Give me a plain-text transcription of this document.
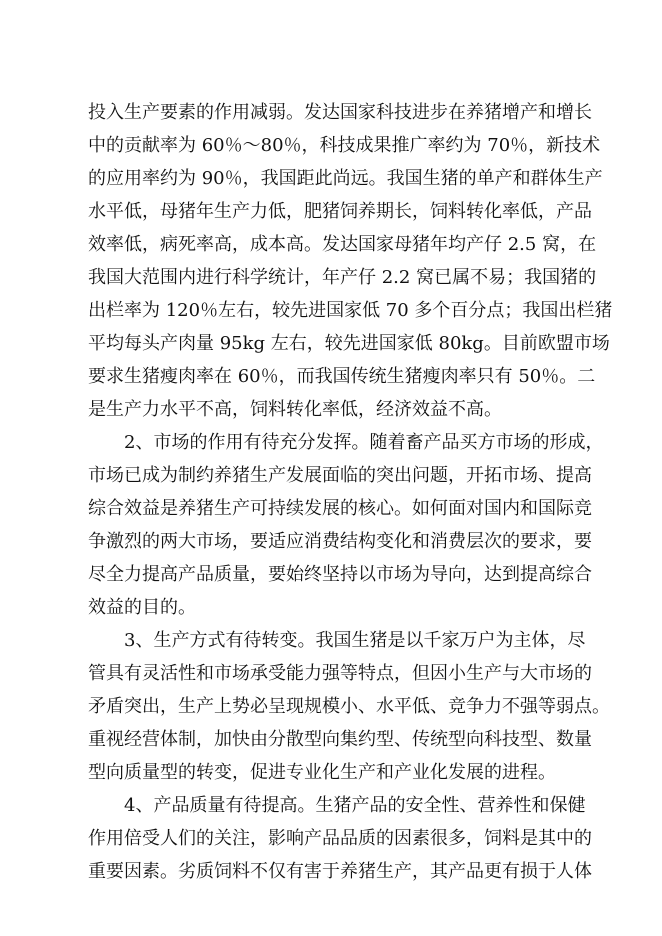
投入生产要素的作用减弱。发达国家科技进步在养猪增产和增长
中的贡献率为 60％～80％，科技成果推广率约为 70％，新技术
的应用率约为 90％，我国距此尚远。我国生猪的单产和群体生产
水平低，母猪年生产力低，肥猪饲养期长，饲料转化率低，产品
效率低，病死率高，成本高。发达国家母猪年均产仔 2.5 窝，在
我国大范围内进行科学统计，年产仔 2.2 窝已属不易；我国猪的
出栏率为 120％左右，较先进国家低 70 多个百分点；我国出栏猪
平均每头产肉量 95kg 左右，较先进国家低 80kg。目前欧盟市场
要求生猪瘦肉率在 60％，而我国传统生猪瘦肉率只有 50％。二
是生产力水平不高，饲料转化率低，经济效益不高。
2、市场的作用有待充分发挥。随着畜产品买方市场的形成，
市场已成为制约养猪生产发展面临的突出问题，开拓市场、提高
综合效益是养猪生产可持续发展的核心。如何面对国内和国际竞
争激烈的两大市场，要适应消费结构变化和消费层次的要求，要
尽全力提高产品质量，要始终坚持以市场为导向，达到提高综合
效益的目的。
3、生产方式有待转变。我国生猪是以千家万户为主体，尽
管具有灵活性和市场承受能力强等特点，但因小生产与大市场的
矛盾突出，生产上势必呈现规模小、水平低、竞争力不强等弱点。
重视经营体制，加快由分散型向集约型、传统型向科技型、数量
型向质量型的转变，促进专业化生产和产业化发展的进程。
4、产品质量有待提高。生猪产品的安全性、营养性和保健
作用倍受人们的关注，影响产品品质的因素很多，饲料是其中的
重要因素。劣质饲料不仅有害于养猪生产，其产品更有损于人体
